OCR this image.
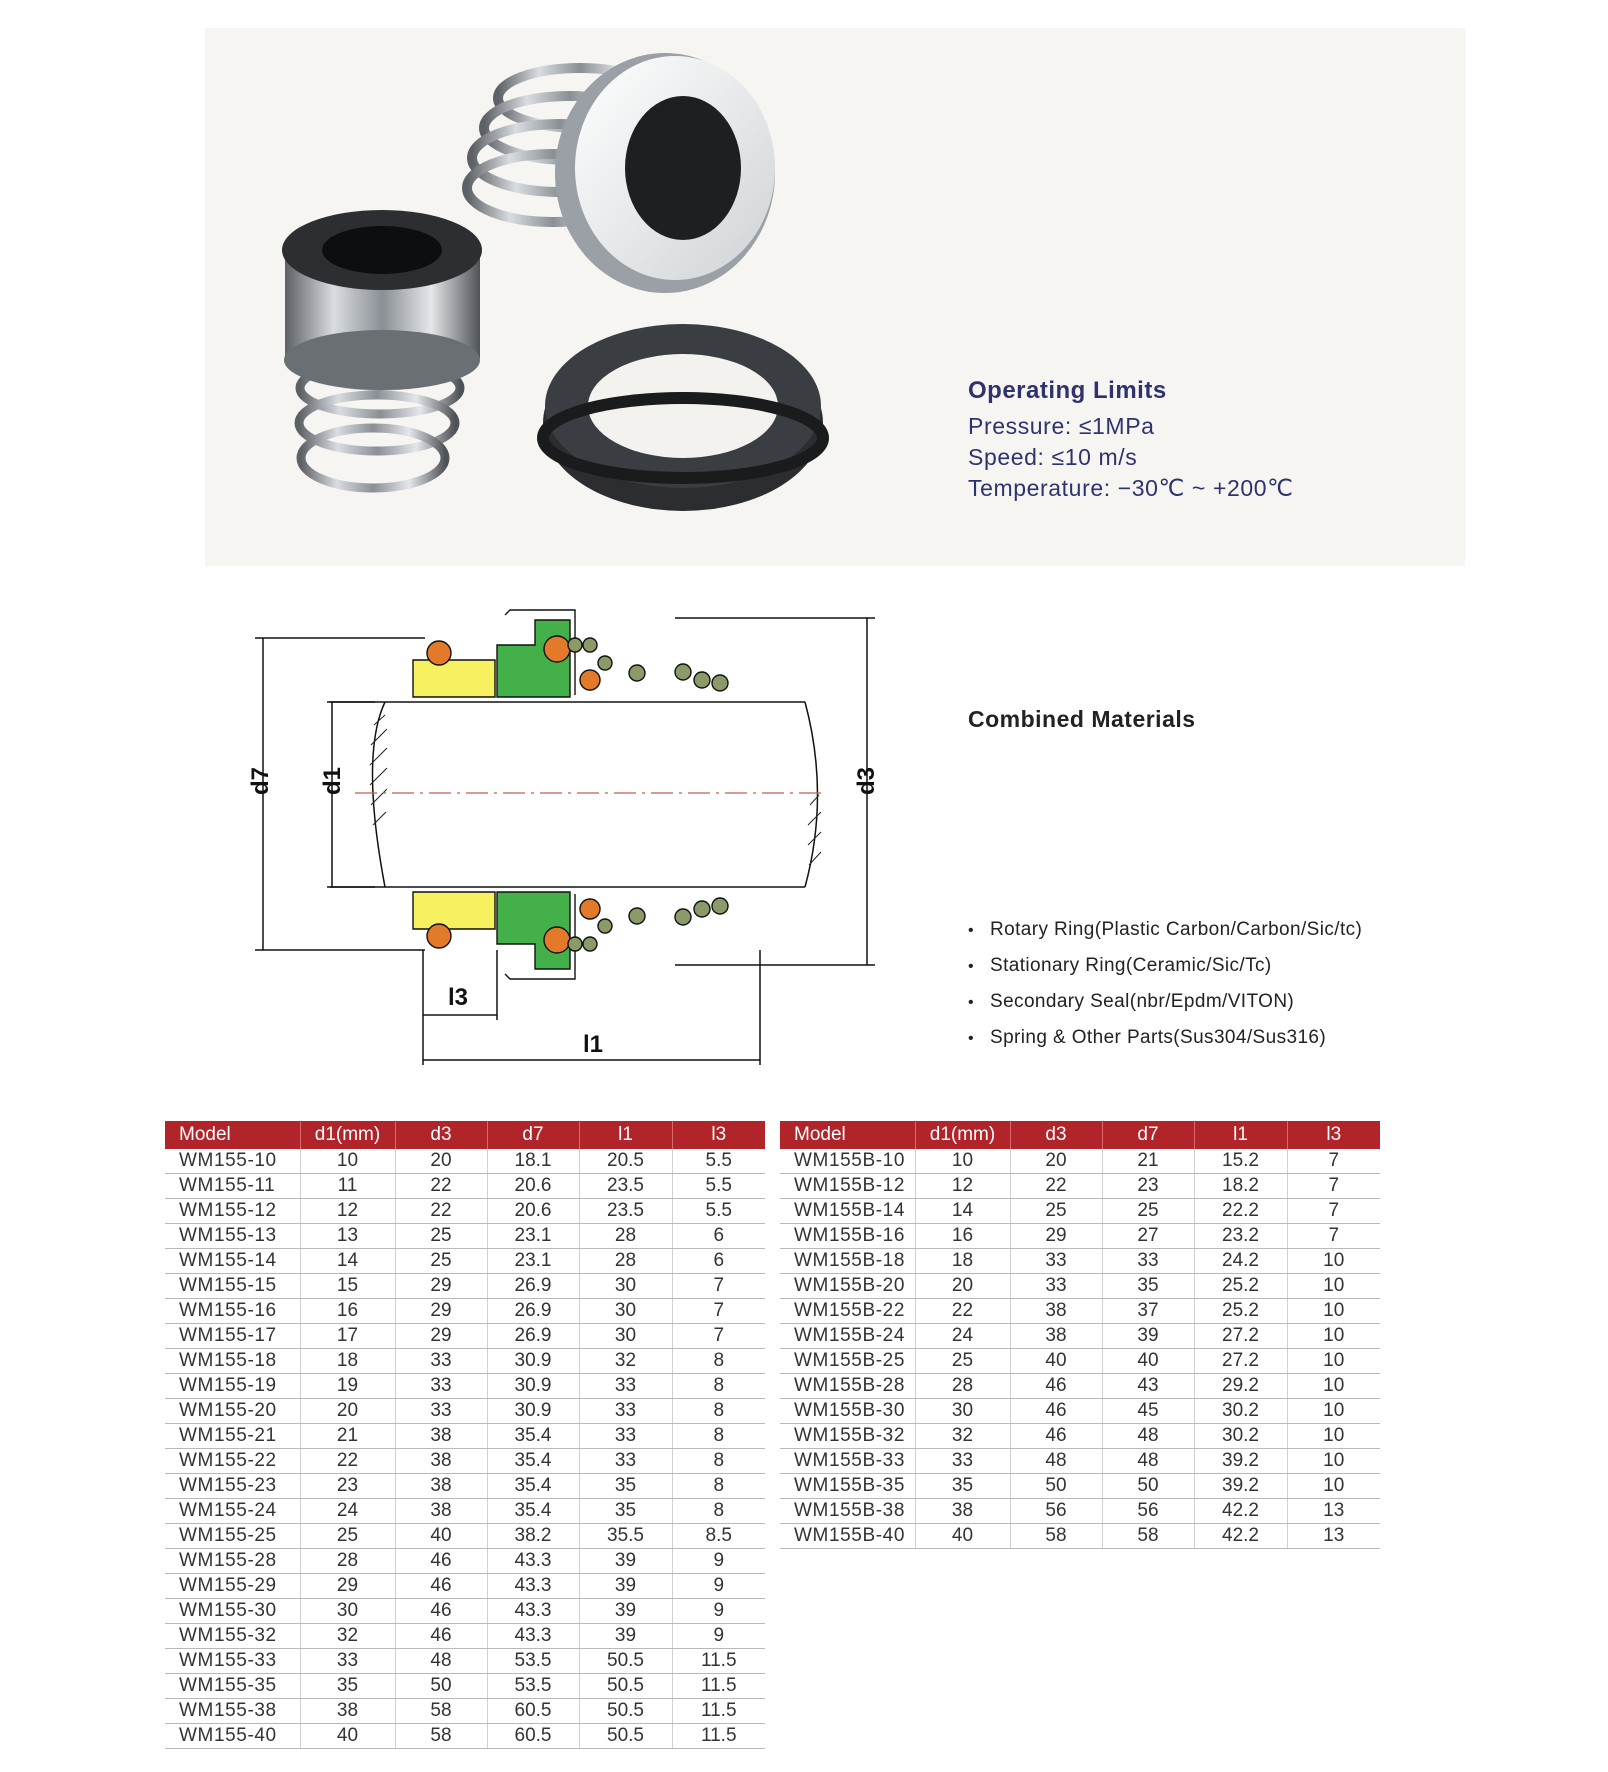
Operating Limits
Pressure: ≤1MPa
Speed: ≤10 m/s
Temperature: −30℃ ~ +200℃
d7 d1	d3
l3
l1
Combined Materials
• Rotary Ring(Plastic Carbon/Carbon/Sic/tc)
• Stationary Ring(Ceramic/Sic/Tc)
• Secondary Seal(nbr/Epdm/VITON)
• Spring & Other Parts(Sus304/Sus316)
Model	d1(mm)	d3	d7	l1	l3
WM155-10	10	20	18.1	20.5	5.5
WM155-11	11	22	20.6	23.5	5.5
WM155-12	12	22	20.6	23.5	5.5
WM155-13	13	25	23.1	28	6
WM155-14	14	25	23.1	28	6
WM155-15	15	29	26.9	30	7
WM155-16	16	29	26.9	30	7
WM155-17	17	29	26.9	30	7
WM155-18	18	33	30.9	32	8
WM155-19	19	33	30.9	33	8
WM155-20	20	33	30.9	33	8
WM155-21	21	38	35.4	33	8
WM155-22	22	38	35.4	33	8
WM155-23	23	38	35.4	35	8
WM155-24	24	38	35.4	35	8
WM155-25	25	40	38.2	35.5	8.5
WM155-28	28	46	43.3	39	9
WM155-29	29	46	43.3	39	9
WM155-30	30	46	43.3	39	9
WM155-32	32	46	43.3	39	9
WM155-33	33	48	53.5	50.5	11.5
WM155-35	35	50	53.5	50.5	11.5
WM155-38	38	58	60.5	50.5	11.5
WM155-40	40	58	60.5	50.5	11.5
Model	d1(mm)	d3	d7	l1	l3
WM155B-10	10	20	21	15.2	7
WM155B-12	12	22	23	18.2	7
WM155B-14	14	25	25	22.2	7
WM155B-16	16	29	27	23.2	7
WM155B-18	18	33	33	24.2	10
WM155B-20	20	33	35	25.2	10
WM155B-22	22	38	37	25.2	10
WM155B-24	24	38	39	27.2	10
WM155B-25	25	40	40	27.2	10
WM155B-28	28	46	43	29.2	10
WM155B-30	30	46	45	30.2	10
WM155B-32	32	46	48	30.2	10
WM155B-33	33	48	48	39.2	10
WM155B-35	35	50	50	39.2	10
WM155B-38	38	56	56	42.2	13
WM155B-40	40	58	58	42.2	13
